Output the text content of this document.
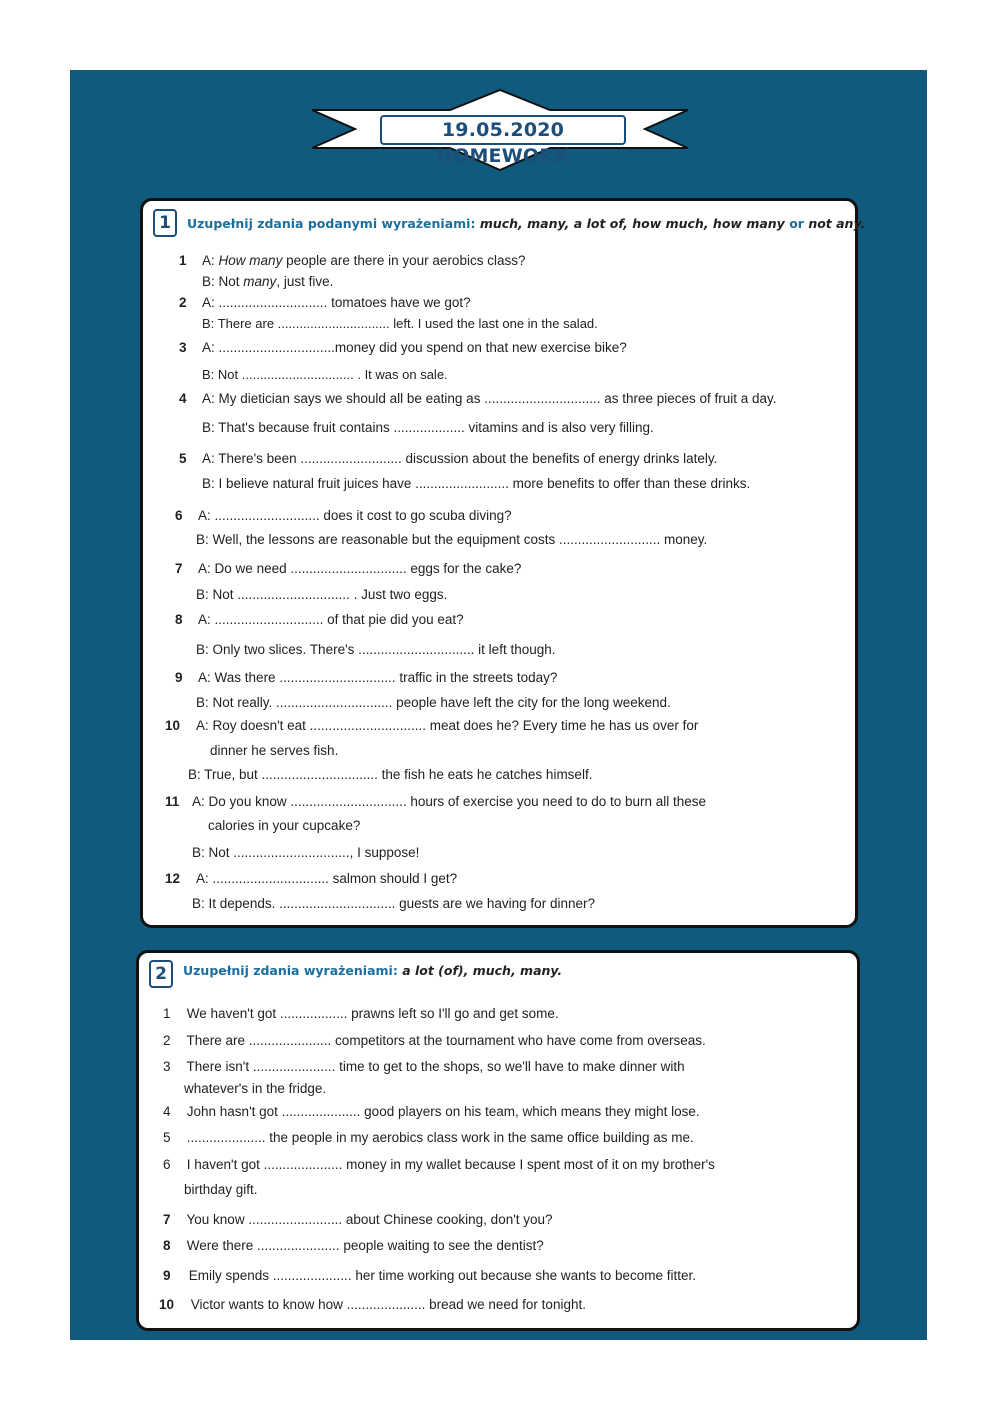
19.05.2020 HOMEWORK
1	Uzupełnij zdania podanymi wyrażeniami: much, many, a lot of, how much, how many or not any.
1 A: How many people are there in your aerobics class?
B: Not many, just five.
2 A: ............................. tomatoes have we got?
B: There are ............................... left. I used the last one in the salad.
3 A: ...............................money did you spend on that new exercise bike?
B: Not ............................... . It was on sale.
4 A: My dietician says we should all be eating as ............................... as three pieces of fruit a day.
B: That's because fruit contains ................... vitamins and is also very filling.
5 A: There's been ........................... discussion about the benefits of energy drinks lately.
B: I believe natural fruit juices have ......................... more benefits to offer than these drinks.
6 A: ............................ does it cost to go scuba diving?
B: Well, the lessons are reasonable but the equipment costs ........................... money.
7 A: Do we need ............................... eggs for the cake?
B: Not .............................. . Just two eggs.
8 A: ............................. of that pie did you eat?
B: Only two slices. There's ............................... it left though.
9 A: Was there ............................... traffic in the streets today?
B: Not really. ............................... people have left the city for the long weekend.
10 A: Roy doesn't eat ............................... meat does he? Every time he has us over for
dinner he serves fish.
B: True, but ............................... the fish he eats he catches himself.
11 A: Do you know ............................... hours of exercise you need to do to burn all these
calories in your cupcake?
B: Not ..............................., I suppose!
12 A: ............................... salmon should I get?
B: It depends. ............................... guests are we having for dinner?
2	Uzupełnij zdania wyrażeniami: a lot (of), much, many.
1 We haven't got .................. prawns left so I'll go and get some.
2 There are ...................... competitors at the tournament who have come from overseas.
3 There isn't ...................... time to get to the shops, so we'll have to make dinner with
whatever's in the fridge.
4 John hasn't got ..................... good players on his team, which means they might lose.
5 ..................... the people in my aerobics class work in the same office building as me.
6 I haven't got ..................... money in my wallet because I spent most of it on my brother's
birthday gift.
7 You know ......................... about Chinese cooking, don't you?
8 Were there ...................... people waiting to see the dentist?
9 Emily spends ..................... her time working out because she wants to become fitter.
10 Victor wants to know how ..................... bread we need for tonight.
